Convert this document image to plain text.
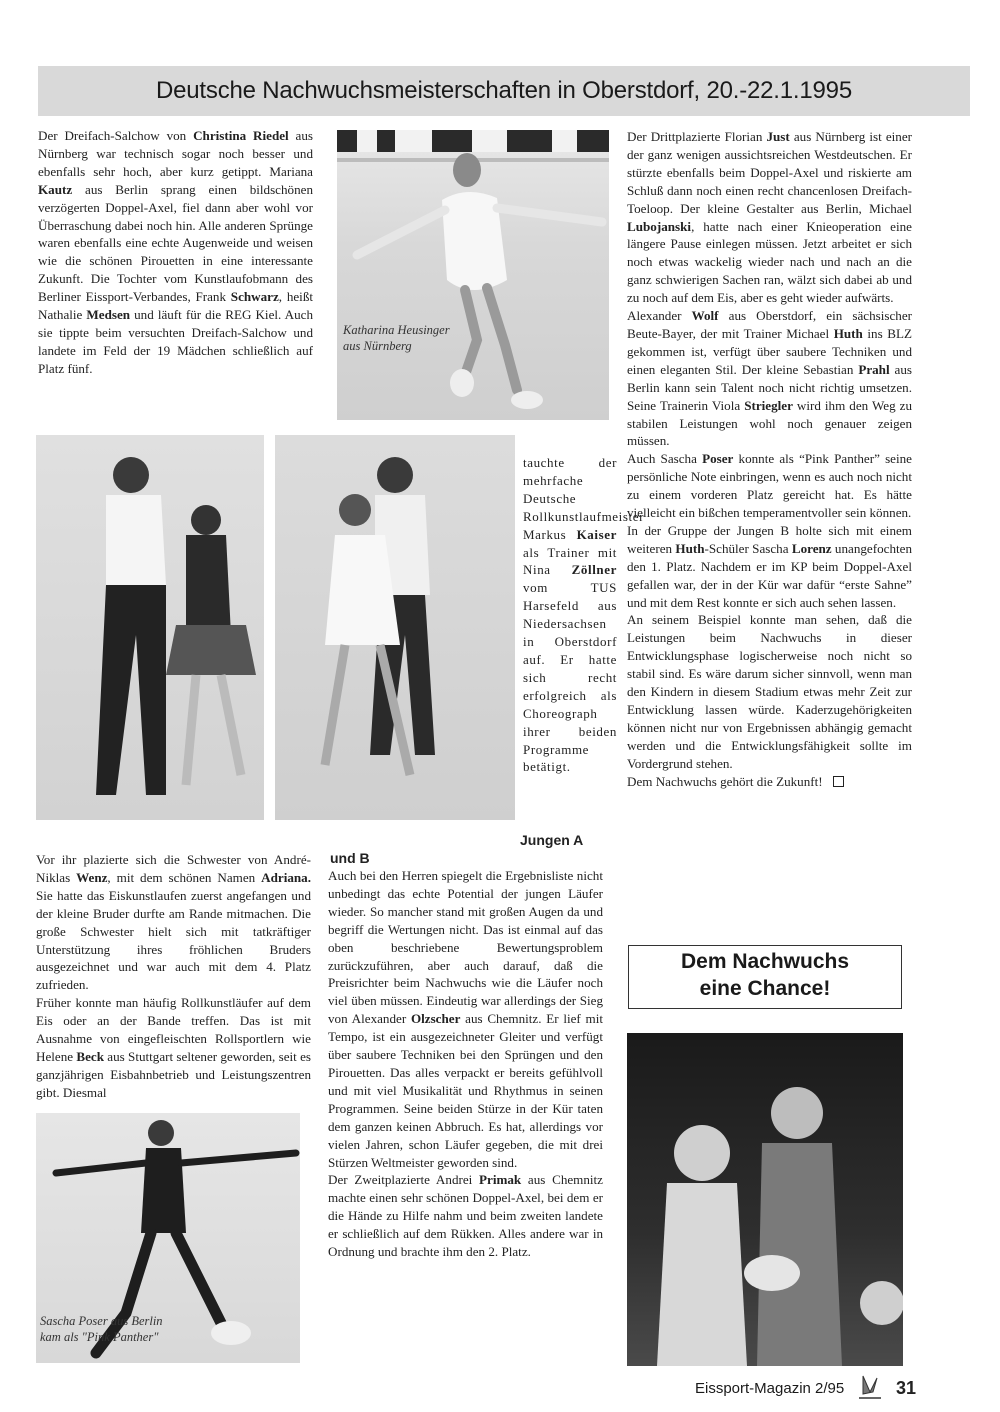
Deutsche Nachwuchsmeisterschaften in Oberstdorf, 20.-22.1.1995

Der Dreifach-Salchow von Christina Riedel aus Nürnberg war technisch sogar noch besser und ebenfalls sehr hoch, aber kurz getippt. Mariana Kautz aus Berlin sprang einen bildschönen verzögerten Doppel-Axel, fiel dann aber wohl vor Überraschung dabei noch hin. Alle anderen Sprünge waren ebenfalls eine echte Augenweide und weisen wie die schönen Pirouetten in eine interessante Zukunft. Die Tochter vom Kunstlaufobmann des Berliner Eissport-Verbandes, Frank Schwarz, heißt Nathalie Medsen und läuft für die REG Kiel. Auch sie tippte beim versuchten Dreifach-Salchow und landete im Feld der 19 Mädchen schließlich auf Platz fünf.

Katharina Heusinger
aus Nürnberg

tauchte der mehrfache Deutsche Rollkunstlaufmeister Markus Kaiser als Trainer mit Nina Zöllner vom TUS Harsefeld aus Niedersachsen in Oberstdorf auf. Er hatte sich recht erfolgreich als Choreograph ihrer beiden Programme betätigt.

Jungen A
und B

Vor ihr plazierte sich die Schwester von André-Niklas Wenz, mit dem schönen Namen Adriana. Sie hatte das Eiskunstlaufen zuerst angefangen und der kleine Bruder durfte am Rande mitmachen. Die große Schwester hielt sich mit tatkräftiger Unterstützung ihres fröhlichen Bruders ausgezeichnet und war auch mit dem 4. Platz zufrieden.

Früher konnte man häufig Rollkunstläufer auf dem Eis oder an der Bande treffen. Das ist mit Ausnahme von eingefleischten Rollsportlern wie Helene Beck aus Stuttgart seltener geworden, seit es ganzjährigen Eisbahnbetrieb und Leistungszentren gibt. Diesmal

Sascha Poser aus Berlin
kam als "Pink Panther"

Auch bei den Herren spiegelt die Ergebnisliste nicht unbedingt das echte Potential der jungen Läufer wieder. So mancher stand mit großen Augen da und begriff die Wertungen nicht. Das ist einmal auf das oben beschriebene Bewertungsproblem zurückzuführen, aber auch darauf, daß die Preisrichter beim Nachwuchs wie die Läufer noch viel üben müssen. Eindeutig war allerdings der Sieg von Alexander Olzscher aus Chemnitz. Er lief mit Tempo, ist ein ausgezeichneter Gleiter und verfügt über saubere Techniken bei den Sprüngen und den Pirouetten. Das alles verpackt er bereits gefühlvoll und mit viel Musikalität und Rhythmus in seinen Programmen. Seine beiden Stürze in der Kür taten dem ganzen keinen Abbruch. Es hat, allerdings vor vielen Jahren, schon Läufer gegeben, die mit drei Stürzen Weltmeister geworden sind.

Der Zweitplazierte Andrei Primak aus Chemnitz machte einen sehr schönen Doppel-Axel, bei dem er die Hände zu Hilfe nahm und beim zweiten landete er schließlich auf dem Rükken. Alles andere war in Ordnung und brachte ihm den 2. Platz.

Der Drittplazierte Florian Just aus Nürnberg ist einer der ganz wenigen aussichtsreichen Westdeutschen. Er stürzte ebenfalls beim Doppel-Axel und riskierte am Schluß dann noch einen recht chancenlosen Dreifach-Toeloop. Der kleine Gestalter aus Berlin, Michael Lubojanski, hatte nach einer Knieoperation eine längere Pause einlegen müssen. Jetzt arbeitet er sich noch etwas wackelig wieder nach und nach an die ganz schwierigen Sachen ran, wälzt sich dabei ab und zu noch auf dem Eis, aber es geht wieder aufwärts.

Alexander Wolf aus Oberstdorf, ein sächsischer Beute-Bayer, der mit Trainer Michael Huth ins BLZ gekommen ist, verfügt über saubere Techniken und einen eleganten Stil. Der kleine Sebastian Prahl aus Berlin kann sein Talent noch nicht richtig umsetzen. Seine Trainerin Viola Striegler wird ihm den Weg zu stabilen Leistungen wohl noch genauer zeigen müssen.

Auch Sascha Poser konnte als “Pink Panther” seine persönliche Note einbringen, wenn es auch noch nicht zu einem vorderen Platz gereicht hat. Es hätte vielleicht ein bißchen temperamentvoller sein können.

In der Gruppe der Jungen B holte sich mit einem weiteren Huth-Schüler Sascha Lorenz unangefochten den 1. Platz. Nachdem er im KP beim Doppel-Axel gefallen war, der in der Kür war dafür “erste Sahne” und mit dem Rest konnte er sich auch sehen lassen.

An seinem Beispiel konnte man sehen, daß die Leistungen beim Nachwuchs in dieser Entwicklungsphase logischerweise noch nicht so stabil sind. Es wäre darum sicher sinnvoll, wenn man den Kindern in diesem Stadium etwas mehr Zeit zur Entwicklung lassen würde. Kaderzugehörigkeiten können nicht nur von Ergebnissen abhängig gemacht werden und die Entwicklungsfähigkeit sollte im Vordergrund stehen.

Dem Nachwuchs gehört die Zukunft!

Dem Nachwuchs
eine Chance!
Eissport-Magazin 2/95	31
